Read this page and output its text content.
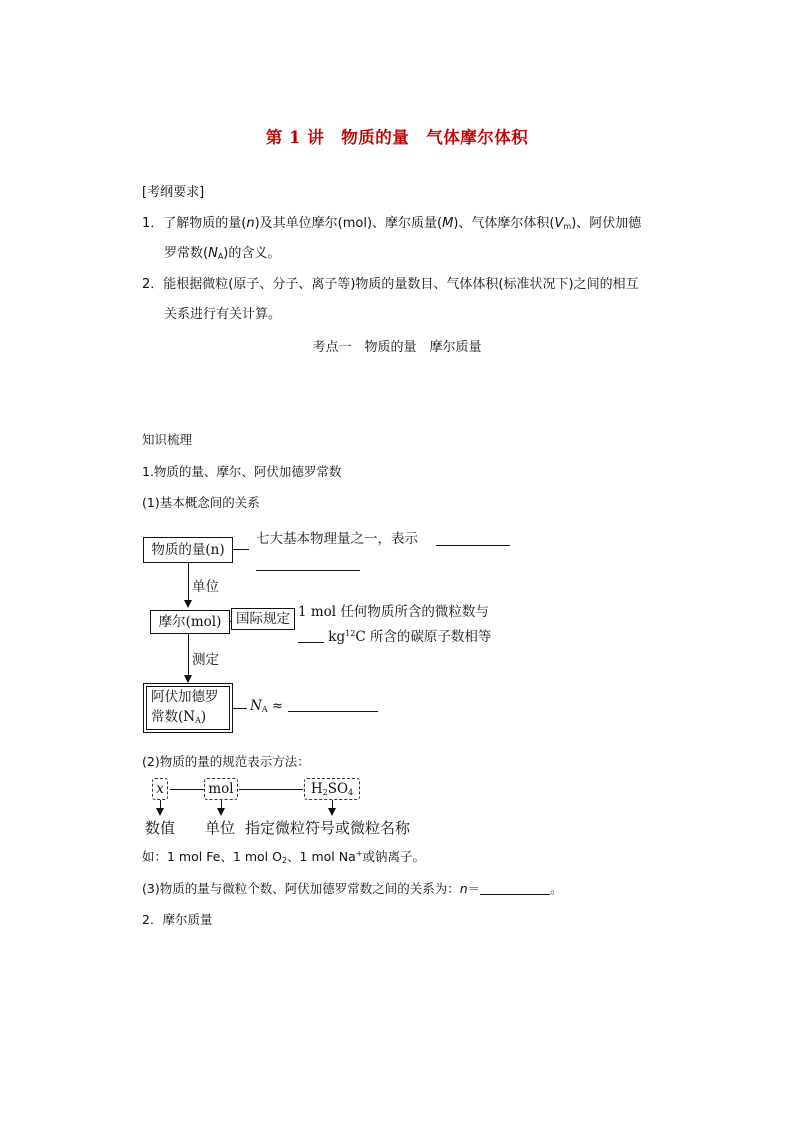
第 1 讲　物质的量　气体摩尔体积
[考纲要求]
1．了解物质的量(n)及其单位摩尔(mol)、摩尔质量(M)、气体摩尔体积$(V_m)$、阿伏加德
罗常数$(N_A)$的含义。
2．能根据微粒(原子、分子、离子等)物质的量数目、气体体积(标准状况下)之间的相互
关系进行有关计算。
考点一　物质的量　摩尔质量
知识梳理
1.物质的量、摩尔、阿伏加德罗常数
(1)基本概念间的关系
物质的量(n)
七大基本物理量之一，表示
单位
摩尔(mol)	国际规定 1 mol 任何物质所含的微粒数与
$kg^{12}C$ 所含的碳原子数相等
测定
阿伏加德罗
常数$(N_A)$
$N_A$ ≈
(2)物质的量的规范表示方法：
x	mol	$H_2SO_4$
数值 单位 指定微粒符号或微粒名称
如：1 mol Fe、1 mol $O_2$、1 mol Na+或钠离子。
(3)物质的量与微粒个数、阿伏加德罗常数之间的关系为：n＝	。
2．摩尔质量
